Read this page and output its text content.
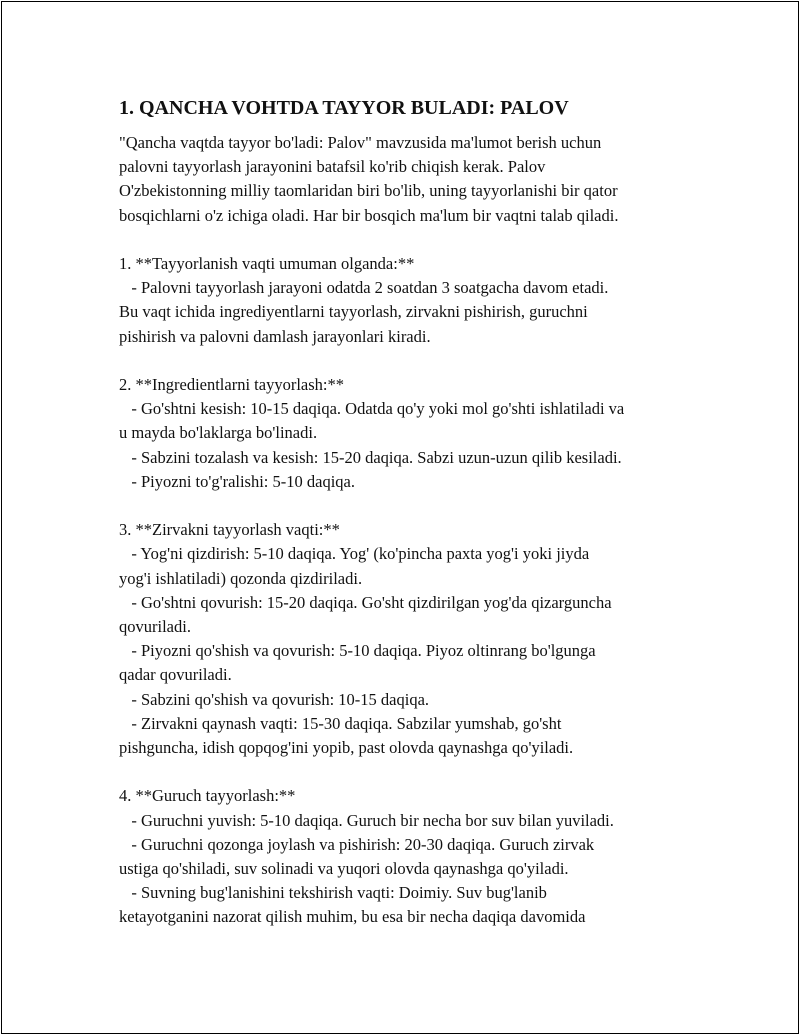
1. QANCHA VOHTDA TAYYOR BULADI: PALOV
"Qancha vaqtda tayyor bo'ladi: Palov" mavzusida ma'lumot berish uchun
palovni tayyorlash jarayonini batafsil ko'rib chiqish kerak. Palov
O'zbekistonning milliy taomlaridan biri bo'lib, uning tayyorlanishi bir qator
bosqichlarni o'z ichiga oladi. Har bir bosqich ma'lum bir vaqtni talab qiladi.
1. **Tayyorlanish vaqti umuman olganda:**
- Palovni tayyorlash jarayoni odatda 2 soatdan 3 soatgacha davom etadi.
Bu vaqt ichida ingrediyentlarni tayyorlash, zirvakni pishirish, guruchni
pishirish va palovni damlash jarayonlari kiradi.
2. **Ingredientlarni tayyorlash:**
- Go'shtni kesish: 10-15 daqiqa. Odatda qo'y yoki mol go'shti ishlatiladi va
u mayda bo'laklarga bo'linadi.
- Sabzini tozalash va kesish: 15-20 daqiqa. Sabzi uzun-uzun qilib kesiladi.
- Piyozni to'g'ralishi: 5-10 daqiqa.
3. **Zirvakni tayyorlash vaqti:**
- Yog'ni qizdirish: 5-10 daqiqa. Yog' (ko'pincha paxta yog'i yoki jiyda
yog'i ishlatiladi) qozonda qizdiriladi.
- Go'shtni qovurish: 15-20 daqiqa. Go'sht qizdirilgan yog'da qizarguncha
qovuriladi.
- Piyozni qo'shish va qovurish: 5-10 daqiqa. Piyoz oltinrang bo'lgunga
qadar qovuriladi.
- Sabzini qo'shish va qovurish: 10-15 daqiqa.
- Zirvakni qaynash vaqti: 15-30 daqiqa. Sabzilar yumshab, go'sht
pishguncha, idish qopqog'ini yopib, past olovda qaynashga qo'yiladi.
4. **Guruch tayyorlash:**
- Guruchni yuvish: 5-10 daqiqa. Guruch bir necha bor suv bilan yuviladi.
- Guruchni qozonga joylash va pishirish: 20-30 daqiqa. Guruch zirvak
ustiga qo'shiladi, suv solinadi va yuqori olovda qaynashga qo'yiladi.
- Suvning bug'lanishini tekshirish vaqti: Doimiy. Suv bug'lanib
ketayotganini nazorat qilish muhim, bu esa bir necha daqiqa davomida
